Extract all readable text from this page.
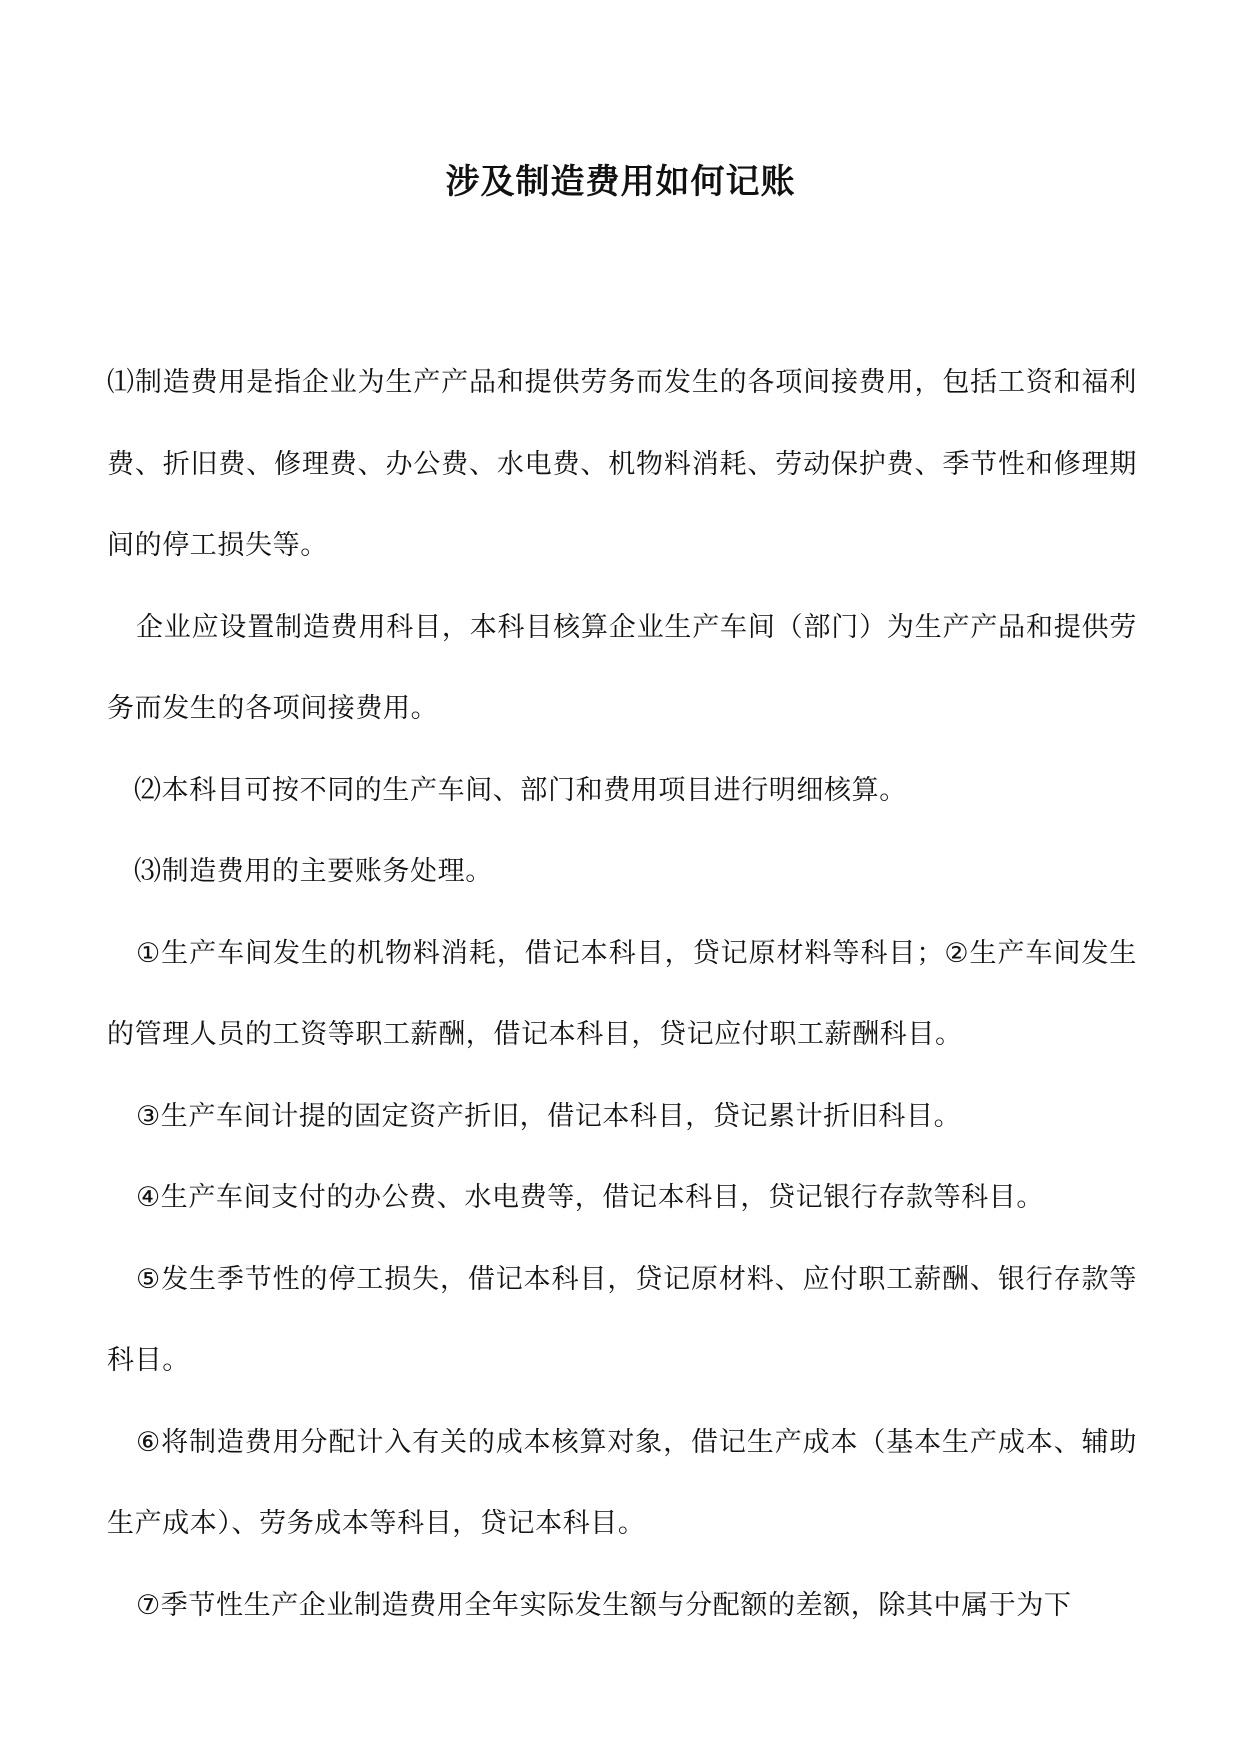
涉及制造费用如何记账

⑴制造费用是指企业为生产产品和提供劳务而发生的各项间接费用，包括工资和福利费、折旧费、修理费、办公费、水电费、机物料消耗、劳动保护费、季节性和修理期间的停工损失等。

企业应设置制造费用科目，本科目核算企业生产车间（部门）为生产产品和提供劳务而发生的各项间接费用。

⑵本科目可按不同的生产车间、部门和费用项目进行明细核算。

⑶制造费用的主要账务处理。

①生产车间发生的机物料消耗，借记本科目，贷记原材料等科目；②生产车间发生的管理人员的工资等职工薪酬，借记本科目，贷记应付职工薪酬科目。

③生产车间计提的固定资产折旧，借记本科目，贷记累计折旧科目。

④生产车间支付的办公费、水电费等，借记本科目，贷记银行存款等科目。

⑤发生季节性的停工损失，借记本科目，贷记原材料、应付职工薪酬、银行存款等科目。

⑥将制造费用分配计入有关的成本核算对象，借记生产成本（基本生产成本、辅助生产成本）、劳务成本等科目，贷记本科目。

⑦季节性生产企业制造费用全年实际发生额与分配额的差额，除其中属于为下
